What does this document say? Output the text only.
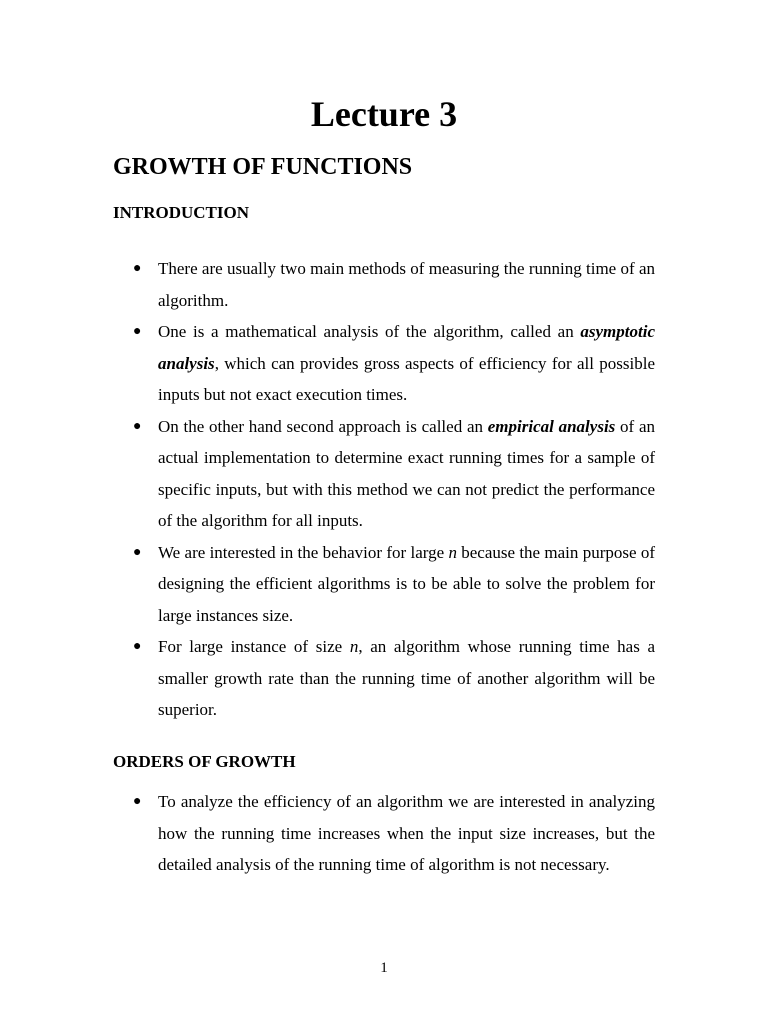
Lecture 3
GROWTH OF FUNCTIONS
INTRODUCTION
● There are usually two main methods of measuring the running time of an algorithm.
● One is a mathematical analysis of the algorithm, called an asymptotic analysis, which can provides gross aspects of efficiency for all possible inputs but not exact execution times.
● On the other hand second approach is called an empirical analysis of an actual implementation to determine exact running times for a sample of specific inputs, but with this method we can not predict the performance of the algorithm for all inputs.
● We are interested in the behavior for large n because the main purpose of designing the efficient algorithms is to be able to solve the problem for large instances size.
● For large instance of size n, an algorithm whose running time has a smaller growth rate than the running time of another algorithm will be superior.
ORDERS OF GROWTH
● To analyze the efficiency of an algorithm we are interested in analyzing how the running time increases when the input size increases, but the detailed analysis of the running time of algorithm is not necessary.
1
